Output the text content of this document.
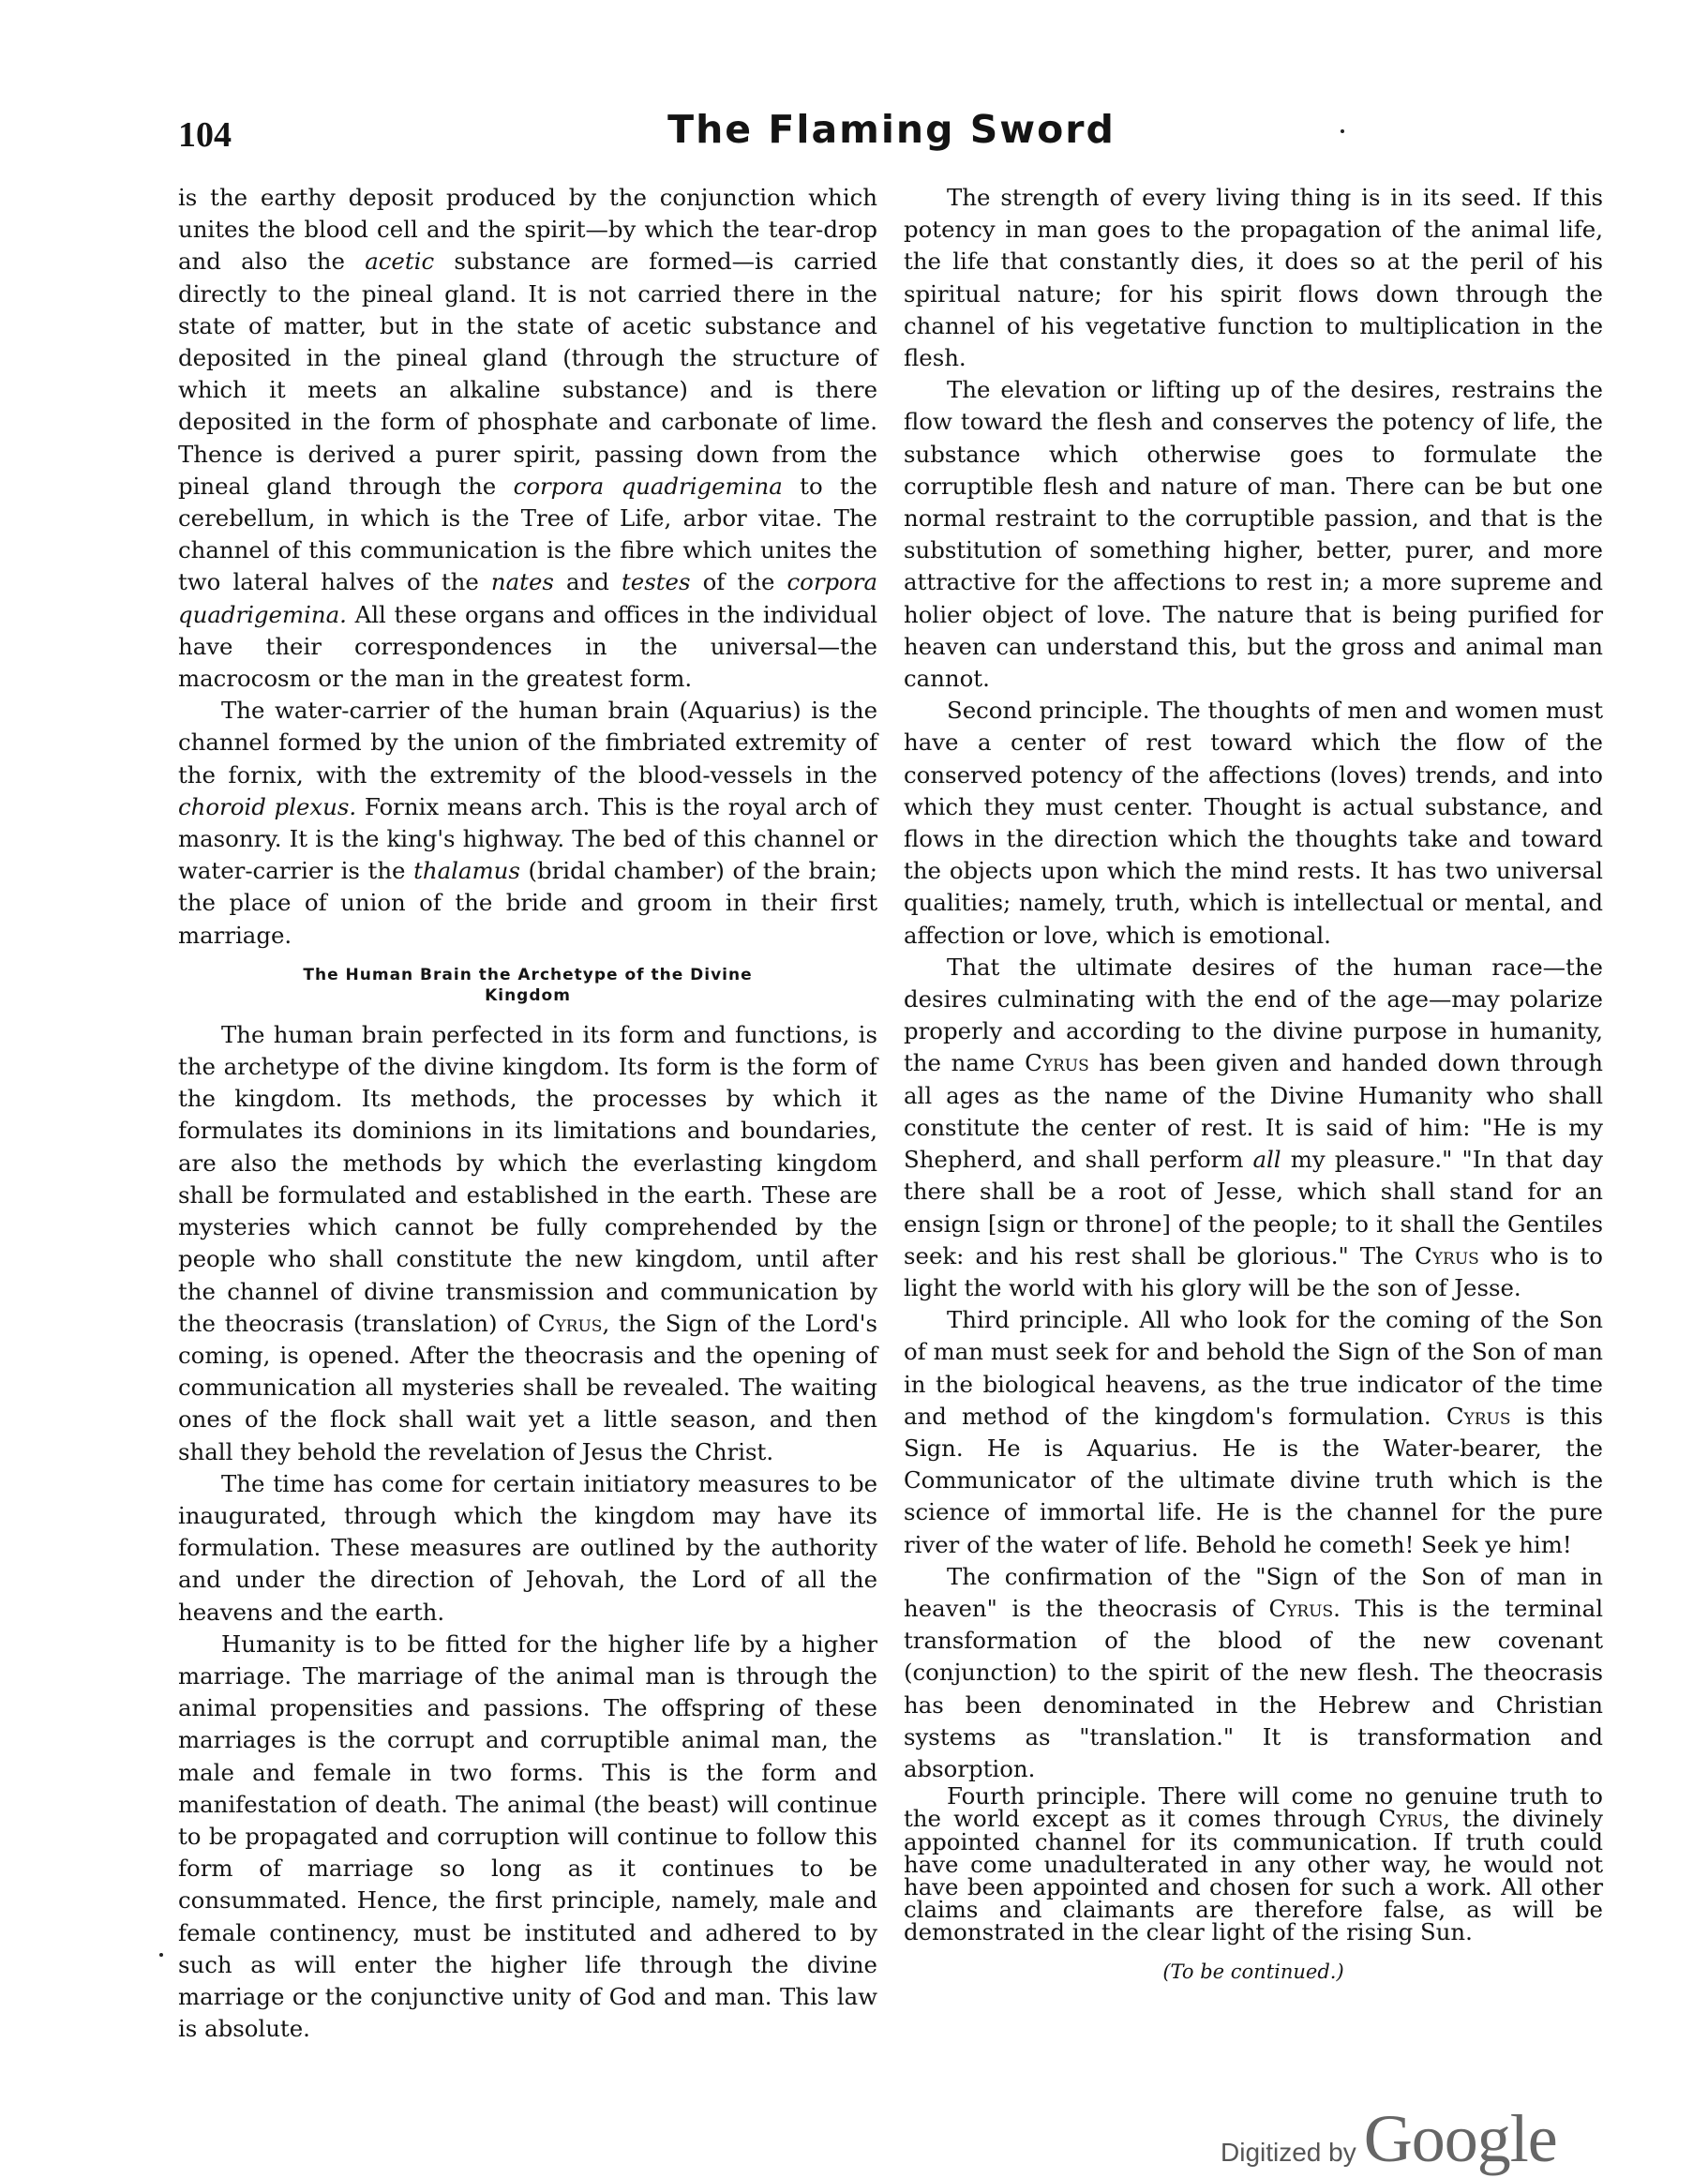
104	The Flaming Sword

is the earthy deposit produced by the conjunction which unites the blood cell and the spirit—by which the tear-drop and also the acetic substance are formed—is carried directly to the pineal gland. It is not carried there in the state of matter, but in the state of acetic substance and deposited in the pineal gland (through the structure of which it meets an alkaline substance) and is there deposited in the form of phosphate and carbonate of lime. Thence is derived a purer spirit, passing down from the pineal gland through the corpora quadrigemina to the cerebellum, in which is the Tree of Life, arbor vitae. The channel of this communication is the fibre which unites the two lateral halves of the nates and testes of the corpora quadrigemina. All these organs and offices in the individual have their correspondences in the universal—the macrocosm or the man in the greatest form.

The water-carrier of the human brain (Aquarius) is the channel formed by the union of the fimbriated extremity of the fornix, with the extremity of the blood-vessels in the choroid plexus. Fornix means arch. This is the royal arch of masonry. It is the king's highway. The bed of this channel or water-carrier is the thalamus (bridal chamber) of the brain; the place of union of the bride and groom in their first marriage.

The Human Brain the Archetype of the Divine
Kingdom

The human brain perfected in its form and functions, is the archetype of the divine kingdom. Its form is the form of the kingdom. Its methods, the processes by which it formulates its dominions in its limitations and boundaries, are also the methods by which the everlasting kingdom shall be formulated and established in the earth. These are mysteries which cannot be fully comprehended by the people who shall constitute the new kingdom, until after the channel of divine transmission and communication by the theocrasis (translation) of Cyrus, the Sign of the Lord's coming, is opened. After the theocrasis and the opening of communication all mysteries shall be revealed. The waiting ones of the flock shall wait yet a little season, and then shall they behold the revelation of Jesus the Christ.

The time has come for certain initiatory measures to be inaugurated, through which the kingdom may have its formulation. These measures are outlined by the authority and under the direction of Jehovah, the Lord of all the heavens and the earth.

Humanity is to be fitted for the higher life by a higher marriage. The marriage of the animal man is through the animal propensities and passions. The offspring of these marriages is the corrupt and corruptible animal man, the male and female in two forms. This is the form and manifestation of death. The animal (the beast) will continue to be propagated and corruption will continue to follow this form of marriage so long as it continues to be consummated. Hence, the first principle, namely, male and female continency, must be instituted and adhered to by such as will enter the higher life through the divine marriage or the conjunctive unity of God and man. This law is absolute.

The strength of every living thing is in its seed. If this potency in man goes to the propagation of the animal life, the life that constantly dies, it does so at the peril of his spiritual nature; for his spirit flows down through the channel of his vegetative function to multiplication in the flesh.

The elevation or lifting up of the desires, restrains the flow toward the flesh and conserves the potency of life, the substance which otherwise goes to formulate the corruptible flesh and nature of man. There can be but one normal restraint to the corruptible passion, and that is the substitution of something higher, better, purer, and more attractive for the affections to rest in; a more supreme and holier object of love. The nature that is being purified for heaven can understand this, but the gross and animal man cannot.

Second principle. The thoughts of men and women must have a center of rest toward which the flow of the conserved potency of the affections (loves) trends, and into which they must center. Thought is actual substance, and flows in the direction which the thoughts take and toward the objects upon which the mind rests. It has two universal qualities; namely, truth, which is intellectual or mental, and affection or love, which is emotional.

That the ultimate desires of the human race—the desires culminating with the end of the age—may polarize properly and according to the divine purpose in humanity, the name Cyrus has been given and handed down through all ages as the name of the Divine Humanity who shall constitute the center of rest. It is said of him: "He is my Shepherd, and shall perform all my pleasure." "In that day there shall be a root of Jesse, which shall stand for an ensign [sign or throne] of the people; to it shall the Gentiles seek: and his rest shall be glorious." The Cyrus who is to light the world with his glory will be the son of Jesse.

Third principle. All who look for the coming of the Son of man must seek for and behold the Sign of the Son of man in the biological heavens, as the true indicator of the time and method of the kingdom's formulation. Cyrus is this Sign. He is Aquarius. He is the Water-bearer, the Communicator of the ultimate divine truth which is the science of immortal life. He is the channel for the pure river of the water of life. Behold he cometh! Seek ye him!

The confirmation of the "Sign of the Son of man in heaven" is the theocrasis of Cyrus. This is the terminal transformation of the blood of the new covenant (conjunction) to the spirit of the new flesh. The theocrasis has been denominated in the Hebrew and Christian systems as "translation." It is transformation and absorption.

Fourth principle. There will come no genuine truth to the world except as it comes through Cyrus, the divinely appointed channel for its communication. If truth could have come unadulterated in any other way, he would not have been appointed and chosen for such a work. All other claims and claimants are therefore false, as will be demonstrated in the clear light of the rising Sun.

(To be continued.)
Digitized by Google
